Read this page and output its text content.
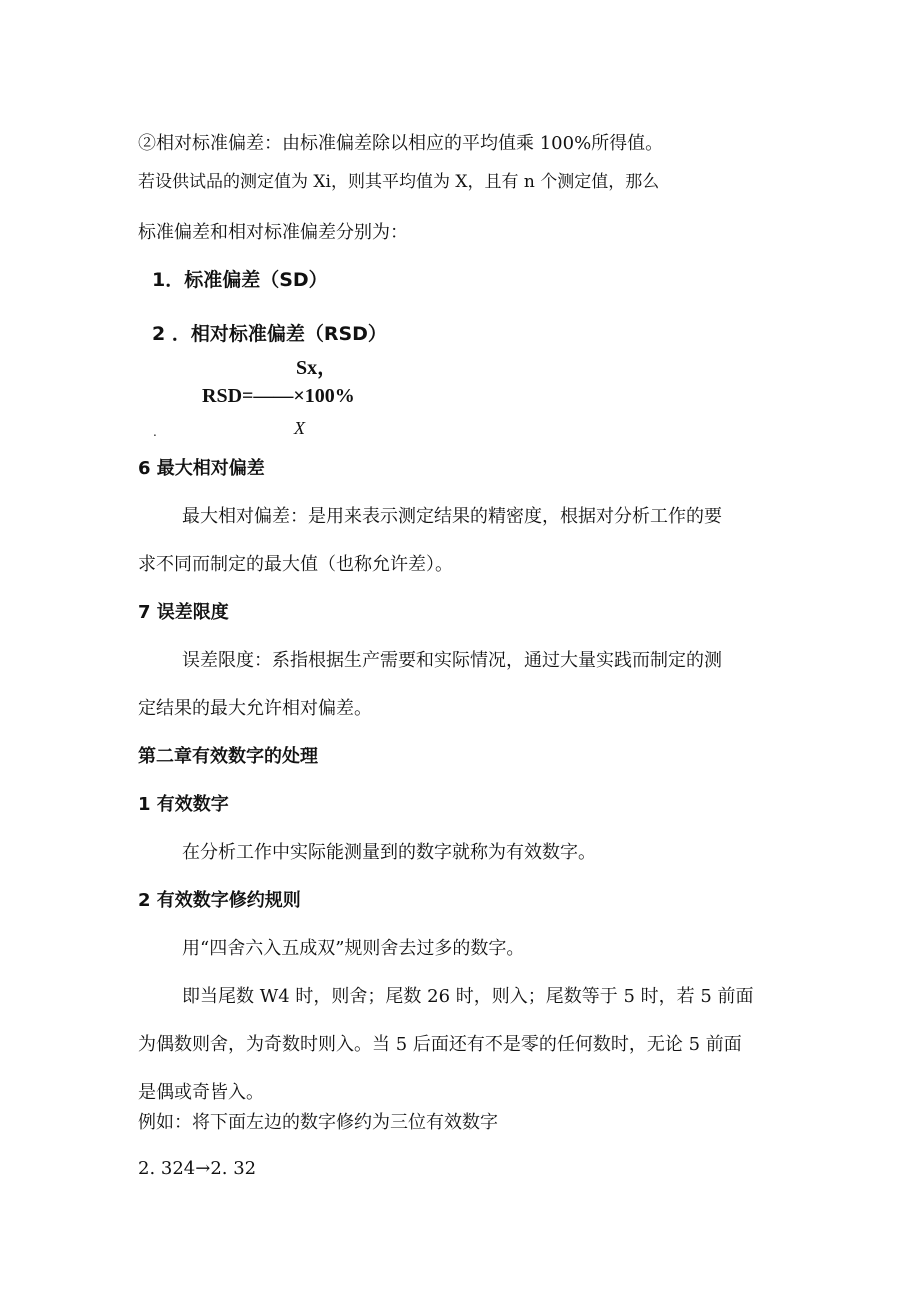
②相对标准偏差：由标准偏差除以相应的平均值乘 100%所得值。
若设供试品的测定值为 Xi，则其平均值为 X，且有 n 个测定值，那么
标准偏差和相对标准偏差分别为：
1．标准偏差（SD）
2 ．相对标准偏差（RSD）
Sx，
RSD=——×100%
.	X
6 最大相对偏差
最大相对偏差：是用来表示测定结果的精密度，根据对分析工作的要
求不同而制定的最大值（也称允许差）。
7 误差限度
误差限度：系指根据生产需要和实际情况，通过大量实践而制定的测
定结果的最大允许相对偏差。
第二章有效数字的处理
1 有效数字
在分析工作中实际能测量到的数字就称为有效数字。
2 有效数字修约规则
用“四舍六入五成双”规则舍去过多的数字。
即当尾数 W4 时，则舍；尾数 26 时，则入；尾数等于 5 时，若 5 前面
为偶数则舍，为奇数时则入。当 5 后面还有不是零的任何数时，无论 5 前面
是偶或奇皆入。
例如：将下面左边的数字修约为三位有效数字
2. 324→2. 32
